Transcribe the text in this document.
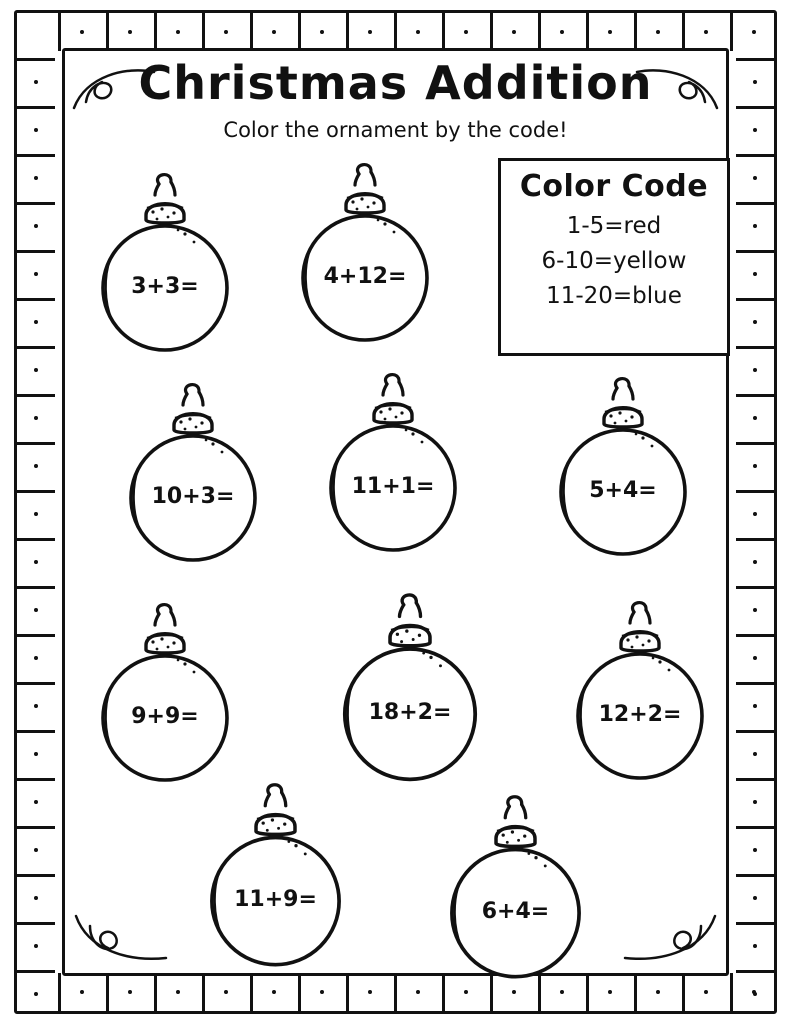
Christmas Addition
Color the ornament by the code!
Color Code
1-5=red
6-10=yellow
11-20=blue
3+3=	4+12=
10+3=	11+1=	5+4=
9+9=	18+2=	12+2=
11+9=	6+4=
